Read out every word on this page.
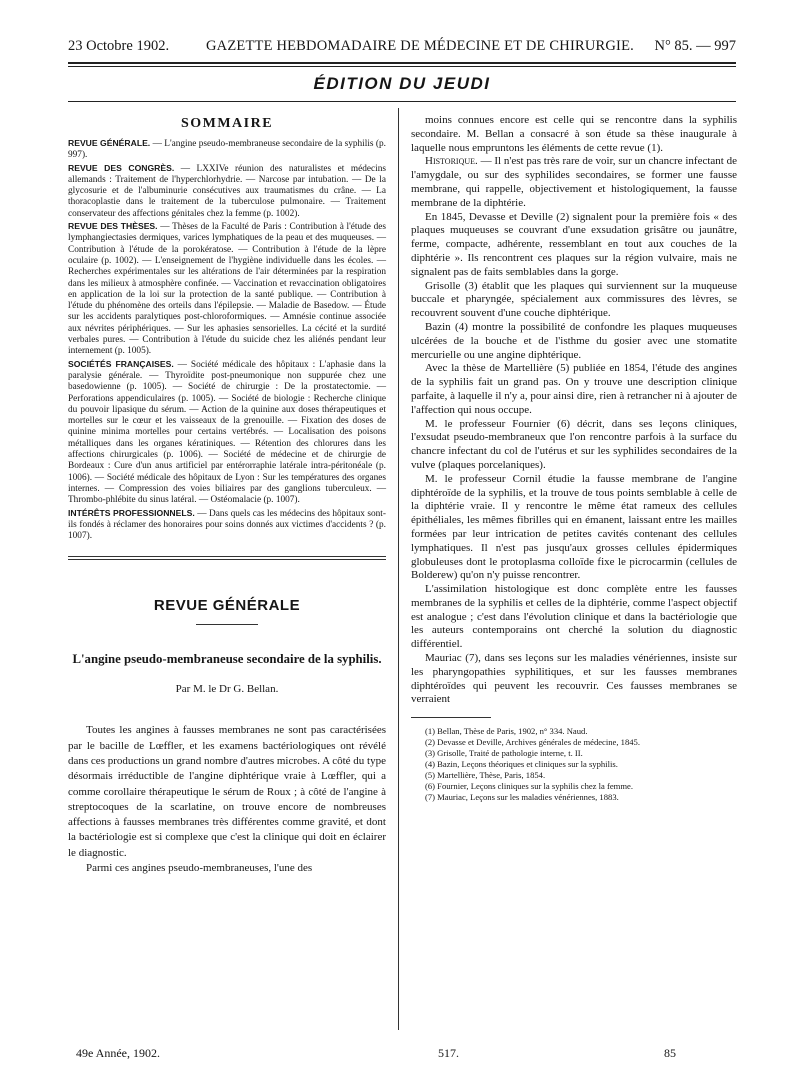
23 Octobre 1902.	GAZETTE HEBDOMADAIRE DE MÉDECINE ET DE CHIRURGIE. N° 85. — 997
ÉDITION DU JEUDI
SOMMAIRE

REVUE GÉNÉRALE. — L'angine pseudo-membraneuse secondaire de la syphilis (p. 997).

REVUE DES CONGRÈS. — LXXIVe réunion des naturalistes et médecins allemands : Traitement de l'hyperchlorhydrie. — Narcose par intubation. — De la glycosurie et de l'albuminurie consécutives aux traumatismes du crâne. — La thoracoplastie dans le traitement de la tuberculose pulmonaire. — Traitement conservateur des affections génitales chez la femme (p. 1002).

REVUE DES THÈSES. — Thèses de la Faculté de Paris : Contribution à l'étude des lymphangiectasies dermiques, varices lymphatiques de la peau et des muqueuses. — Contribution à l'étude de la porokératose. — Contribution à l'étude de la lèpre oculaire (p. 1002). — L'enseignement de l'hygiène individuelle dans les écoles. — Recherches expérimentales sur les altérations de l'air déterminées par la respiration dans les milieux à atmosphère confinée. — Vaccination et revaccination obligatoires en application de la loi sur la protection de la santé publique. — Contribution à l'étude du phénomène des orteils dans l'épilepsie. — Maladie de Basedow. — Étude sur les accidents paralytiques post-chloroformiques. — Amnésie continue associée aux névrites périphériques. — Sur les aphasies sensorielles. La cécité et la surdité verbales pures. — Contribution à l'étude du suicide chez les aliénés pendant leur internement (p. 1005).

SOCIÉTÉS FRANÇAISES. — Société médicale des hôpitaux : L'aphasie dans la paralysie générale. — Thyroïdite post-pneumonique non suppurée chez une basedowienne (p. 1005). — Société de chirurgie : De la prostatectomie. — Perforations appendiculaires (p. 1005). — Société de biologie : Recherche clinique du pouvoir lipasique du sérum. — Action de la quinine aux doses thérapeutiques et mortelles sur le cœur et les vaisseaux de la grenouille. — Fixation des doses de quinine minima mortelles pour certains vertébrés. — Localisation des poisons métalliques dans les organes kératiniques. — Rétention des chlorures dans les affections chirurgicales (p. 1006). — Société de médecine et de chirurgie de Bordeaux : Cure d'un anus artificiel par entérorraphie latérale intra-péritonéale (p. 1006). — Société médicale des hôpitaux de Lyon : Sur les températures des organes internes. — Compression des voies biliaires par des ganglions tuberculeux. — Thrombo-phlébite du sinus latéral. — Ostéomalacie (p. 1007).

INTÉRÊTS PROFESSIONNELS. — Dans quels cas les médecins des hôpitaux sont-ils fondés à réclamer des honoraires pour soins donnés aux victimes d'accidents ? (p. 1007).

REVUE GÉNÉRALE
L'angine pseudo-membraneuse secondaire de la syphilis.
Par M. le Dr G. Bellan.

Toutes les angines à fausses membranes ne sont pas caractérisées par le bacille de Lœffler, et les examens bactériologiques ont révélé dans ces productions un grand nombre d'autres microbes. A côté du type désormais irréductible de l'angine diphtérique vraie à Lœffler, qui a comme corollaire thérapeutique le sérum de Roux ; à côté de l'angine à streptocoques de la scarlatine, on trouve encore de nombreuses affections à fausses membranes très différentes comme gravité, et dont la bactériologie est si complexe que c'est la clinique qui doit en éclairer le diagnostic.

Parmi ces angines pseudo-membraneuses, l'une des

moins connues encore est celle qui se rencontre dans la syphilis secondaire. M. Bellan a consacré à son étude sa thèse inaugurale à laquelle nous empruntons les éléments de cette revue (1).

Historique. — Il n'est pas très rare de voir, sur un chancre infectant de l'amygdale, ou sur des syphilides secondaires, se former une fausse membrane, qui rappelle, objectivement et histologiquement, la fausse membrane de la diphtérie.

En 1845, Devasse et Deville (2) signalent pour la première fois « des plaques muqueuses se couvrant d'une exsudation grisâtre ou jaunâtre, ferme, compacte, adhérente, ressemblant en tout aux couches de la diphtérie ». Ils rencontrent ces plaques sur la région vulvaire, mais ne signalent pas de faits semblables dans la gorge.

Grisolle (3) établit que les plaques qui surviennent sur la muqueuse buccale et pharyngée, spécialement aux commissures des lèvres, se recouvrent souvent d'une couche diphtérique.

Bazin (4) montre la possibilité de confondre les plaques muqueuses ulcérées de la bouche et de l'isthme du gosier avec une stomatite mercurielle ou une angine diphtérique.

Avec la thèse de Martellière (5) publiée en 1854, l'étude des angines de la syphilis fait un grand pas. On y trouve une description clinique parfaite, à laquelle il n'y a, pour ainsi dire, rien à retrancher ni à ajouter de l'affection qui nous occupe.

M. le professeur Fournier (6) décrit, dans ses leçons cliniques, l'exsudat pseudo-membraneux que l'on rencontre parfois à la surface du chancre infectant du col de l'utérus et sur les syphilides secondaires de la vulve (plaques porcelaniques).

M. le professeur Cornil étudie la fausse membrane de l'angine diphtéroïde de la syphilis, et la trouve de tous points semblable à celle de la diphtérie vraie. Il y rencontre le même état rameux des cellules épithéliales, les mêmes fibrilles qui en émanent, laissant entre les mailles formées par leur intrication de petites cavités contenant des cellules lymphatiques. Il n'est pas jusqu'aux grosses cellules épidermiques globuleuses dont le protoplasma colloïde fixe le picrocarmin (cellules de Bolderew) qu'on n'y puisse rencontrer.

L'assimilation histologique est donc complète entre les fausses membranes de la syphilis et celles de la diphtérie, comme l'aspect objectif est analogue ; c'est dans l'évolution clinique et dans la bactériologie que les auteurs contemporains ont cherché la solution du diagnostic différentiel.

Mauriac (7), dans ses leçons sur les maladies vénériennes, insiste sur les pharyngopathies syphilitiques, et sur les fausses membranes diphtéroïdes qui peuvent les recouvrir. Ces fausses membranes se verraient

(1) Bellan, Thèse de Paris, 1902, n° 334. Naud.

(2) Devasse et Deville, Archives générales de médecine, 1845.

(3) Grisolle, Traité de pathologie interne, t. II.

(4) Bazin, Leçons théoriques et cliniques sur la syphilis.

(5) Martellière, Thèse, Paris, 1854.

(6) Fournier, Leçons cliniques sur la syphilis chez la femme.

(7) Mauriac, Leçons sur les maladies vénériennes, 1883.

49e Année, 1902.	517.	85
